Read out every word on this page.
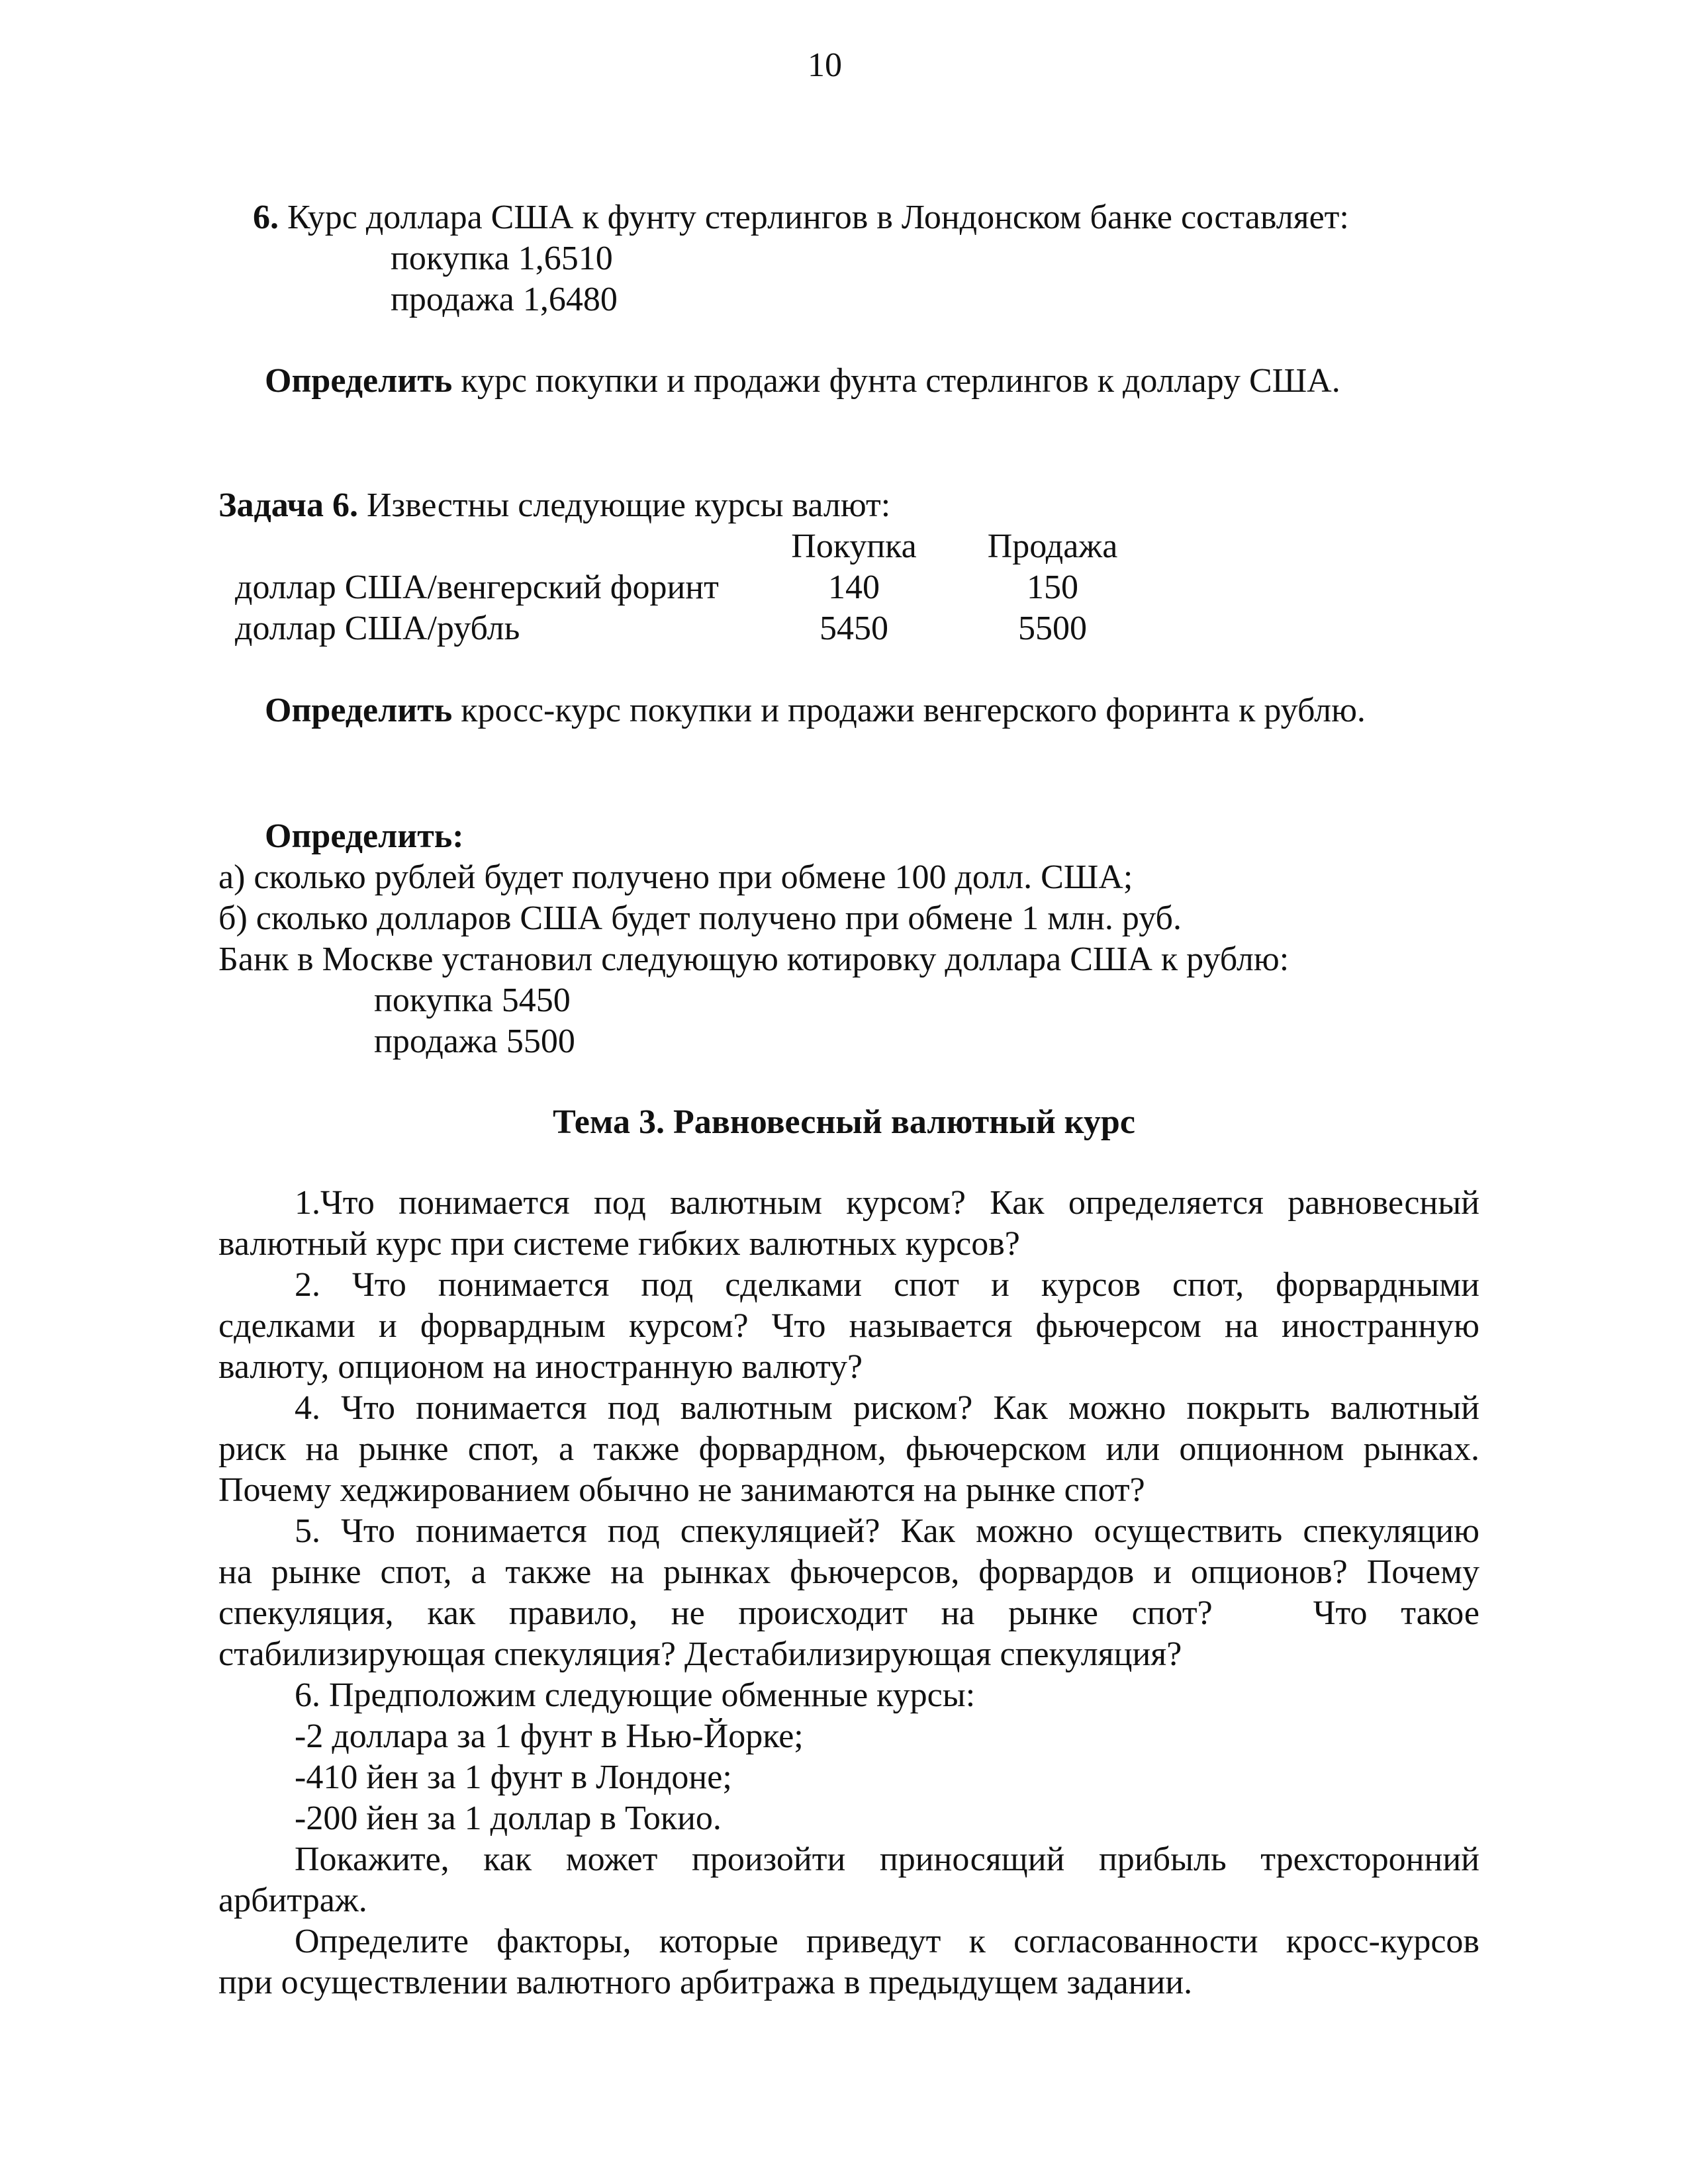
10
6. Курс доллара США к фунту стерлингов в Лондонском банке составляет:
покупка 1,6510
продажа 1,6480
Определить курс покупки и продажи фунта стерлингов к доллару США.
Задача 6. Известны следующие курсы валют:
Покупка	Продажа
доллар США/венгерский форинт	140	150
доллар США/рубль	5450	5500
Определить кросс-курс покупки и продажи венгерского форинта к рублю.
Определить:
а) сколько рублей будет получено при обмене 100 долл. США;
б) сколько долларов США будет получено при обмене 1 млн. руб.
Банк в Москве установил следующую котировку доллара США к рублю:
покупка 5450
продажа 5500
Тема 3. Равновесный валютный курс
1.Что понимается под валютным курсом? Как определяется равновесный
валютный курс при системе гибких валютных курсов?
2. Что понимается под сделками спот и курсов спот, форвардными
сделками и форвардным курсом? Что называется фьючерсом на иностранную
валюту, опционом на иностранную валюту?
4. Что понимается под валютным риском? Как можно покрыть валютный
риск на рынке спот, а также форвардном, фьючерском или опционном рынках.
Почему хеджированием обычно не занимаются на рынке спот?
5. Что понимается под спекуляцией? Как можно осуществить спекуляцию
на рынке спот, а также на рынках фьючерсов, форвардов и опционов? Почему
спекуляция, как правило, не происходит на рынке спот?   Что такое
стабилизирующая спекуляция? Дестабилизирующая спекуляция?
6. Предположим следующие обменные курсы:
-2 доллара за 1 фунт в Нью-Йорке;
-410 йен за 1 фунт в Лондоне;
-200 йен за 1 доллар в Токио.
Покажите, как может произойти приносящий прибыль трехсторонний
арбитраж.
Определите факторы, которые приведут к согласованности кросс-курсов
при осуществлении валютного арбитража в предыдущем задании.
